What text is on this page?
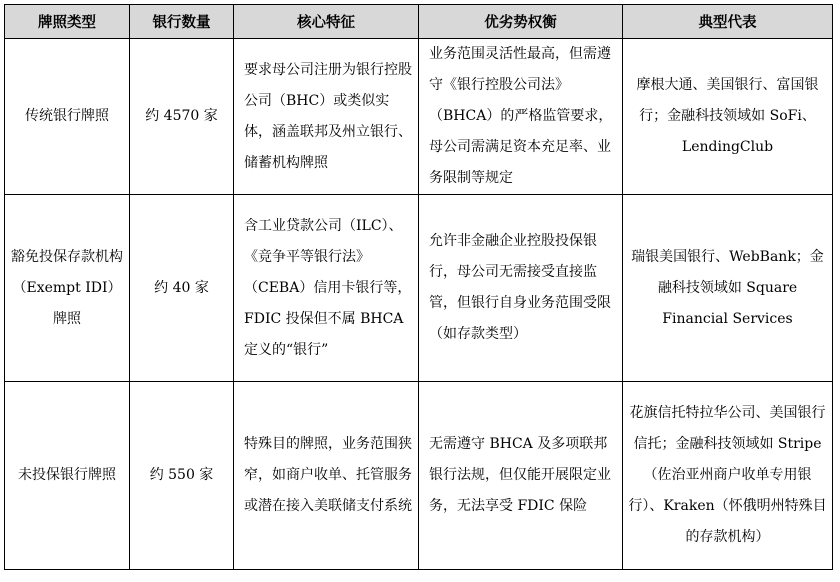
牌照类型	银行数量	核心特征	优劣势权衡	典型代表
传统银行牌照	约 4570 家	要求母公司注册为银行控股公司（BHC）或类似实体，涵盖联邦及州立银行、储蓄机构牌照	业务范围灵活性最高，但需遵守《银行控股公司法》（BHCA）的严格监管要求，母公司需满足资本充足率、业务限制等规定	摩根大通、美国银行、富国银行；金融科技领域如 SoFi、LendingClub
豁免投保存款机构（Exempt IDI）牌照	约 40 家	含工业贷款公司（ILC）、《竞争平等银行法》（CEBA）信用卡银行等，FDIC 投保但不属 BHCA 定义的“银行”	允许非金融企业控股投保银行，母公司无需接受直接监管，但银行自身业务范围受限（如存款类型）	瑞银美国银行、WebBank；金融科技领域如 Square Financial Services
未投保银行牌照	约 550 家	特殊目的牌照，业务范围狭窄，如商户收单、托管服务或潜在接入美联储支付系统	无需遵守 BHCA 及多项联邦银行法规，但仅能开展限定业务，无法享受 FDIC 保险	花旗信托特拉华公司、美国银行信托；金融科技领域如 Stripe（佐治亚州商户收单专用银行）、Kraken（怀俄明州特殊目的存款机构）
